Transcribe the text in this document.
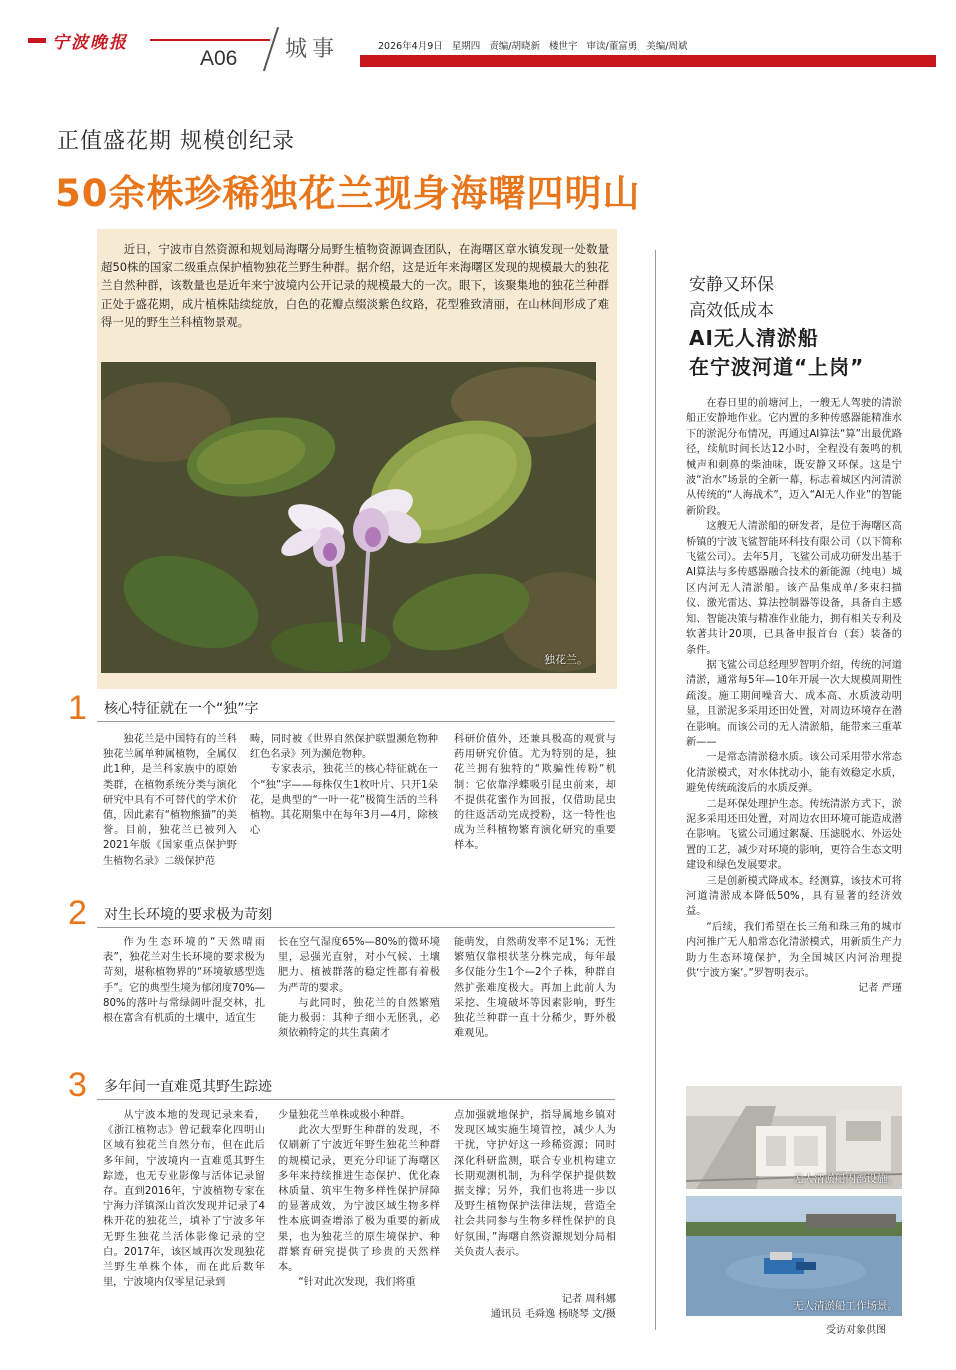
宁波晚报
A06 城事	2026年4月9日 星期四 责编/胡晓新 楼世宇 审读/董富勇 美编/周斌
正值盛花期 规模创纪录
50余株珍稀独花兰现身海曙四明山
近日，宁波市自然资源和规划局海曙分局野生植物资源调查团队，在海曙区章水镇发现一处数量超50株的国家二级重点保护植物独花兰野生种群。据介绍，这是近年来海曙区发现的规模最大的独花兰自然种群，该数量也是近年来宁波境内公开记录的规模最大的一次。眼下，该聚集地的独花兰种群正处于盛花期，成片植株陆续绽放，白色的花瓣点缀淡紫色纹路，花型雅致清丽，在山林间形成了难得一见的野生兰科植物景观。
独花兰。
1 核心特征就在一个“独”字

独花兰是中国特有的兰科独花兰属单种属植物，全属仅此1种，是兰科家族中的原始类群，在植物系统分类与演化研究中具有不可替代的学术价值，因此素有“植物熊猫”的美誉。目前，独花兰已被列入2021年版《国家重点保护野生植物名录》二级保护范

畴，同时被《世界自然保护联盟濒危物种红色名录》列为濒危物种。

专家表示，独花兰的核心特征就在一个“独”字——每株仅生1枚叶片、只开1朵花，是典型的“一叶一花”极简生活的兰科植物。其花期集中在每年3月—4月，除核心

科研价值外，还兼具极高的观赏与药用研究价值。尤为特别的是，独花兰拥有独特的“欺骗性传粉”机制：它依靠浮蝶吸引昆虫前来，却不提供花蜜作为回报，仅借助昆虫的往返活动完成授粉，这一特性也成为兰科植物繁育演化研究的重要样本。

2 对生长环境的要求极为苛刻

作为生态环境的“天然晴雨表”，独花兰对生长环境的要求极为苛刻，堪称植物界的“环境敏感型选手”。它的典型生境为郁闭度70%—80%的落叶与常绿阔叶混交林，扎根在富含有机质的土壤中，适宜生

长在空气湿度65%—80%的微环境里，忌强光直射，对小气候、土壤肥力、植被群落的稳定性都有着极为严苛的要求。

与此同时，独花兰的自然繁殖能力极弱：其种子细小无胚乳，必须依赖特定的共生真菌才

能萌发，自然萌发率不足1%；无性繁殖仅靠根状茎分株完成，每年最多仅能分生1个—2个子株，种群自然扩张难度极大。再加上此前人为采挖、生境破坏等因素影响，野生独花兰种群一直十分稀少，野外极难观见。

3 多年间一直难觅其野生踪迹

从宁波本地的发现记录来看，《浙江植物志》曾记载奉化四明山区域有独花兰自然分布，但在此后多年间，宁波境内一直难觅其野生踪迹，也无专业影像与活体记录留存。直到2016年，宁波植物专家在宁海力洋镇深山首次发现并记录了4株开花的独花兰，填补了宁波多年无野生独花兰活体影像记录的空白。2017年，该区域再次发现独花兰野生单株个体，而在此后数年里，宁波境内仅零星记录到

少量独花兰单株或极小种群。

此次大型野生种群的发现，不仅刷新了宁波近年野生独花兰种群的规模记录，更充分印证了海曙区多年来持续推进生态保护、优化森林质量、筑牢生物多样性保护屏障的显著成效，为宁波区域生物多样性本底调查增添了极为重要的新成果，也为独花兰的原生境保护、种群繁育研究提供了珍贵的天然样本。

“针对此次发现，我们将重

点加强就地保护，指导属地乡镇对发现区域实施生境管控，减少人为干扰，守护好这一珍稀资源；同时深化科研监测，联合专业机构建立长期观测机制，为科学保护提供数据支撑；另外，我们也将进一步以及野生植物保护法律法规，营造全社会共同参与生物多样性保护的良好氛围，”海曙自然资源规划分局相关负责人表示。

记者 周科娜
通讯员 毛舜逸 杨晓琴 文/摄
安静又环保
高效低成本
AI无人清淤船
在宁波河道“上岗”

在春日里的前塘河上，一艘无人驾驶的清淤船正安静地作业。它内置的多种传感器能精准水下的淤泥分布情况，再通过AI算法“算”出最优路径，续航时间长达12小时，全程没有轰鸣的机械声和刺鼻的柴油味，既安静又环保。这是宁波“治水”场景的全新一幕，标志着城区内河清淤从传统的“人海战术”，迈入“AI无人作业”的智能新阶段。

这艘无人清淤船的研发者，是位于海曙区高桥镇的宁波飞鲨智能环科技有限公司（以下简称飞鲨公司）。去年5月，飞鲨公司成功研发出基于AI算法与多传感器融合技术的新能源（纯电）城区内河无人清淤船。该产品集成单/多束扫描仪、激光雷达、算法控制器等设备，具备自主感知、智能决策与精准作业能力，拥有相关专利及软著共计20项，已具备申报首台（套）装备的条件。

据飞鲨公司总经理罗智明介绍，传统的河道清淤，通常每5年—10年开展一次大规模周期性疏浚。施工期间噪音大、成本高、水质波动明显，且淤泥多采用还田处置，对周边环境存在潜在影响。而该公司的无人清淤船，能带来三重革新——

一是常态清淤稳水质。该公司采用带水常态化清淤模式，对水体扰动小，能有效稳定水质，避免传统疏浚后的水质反弹。

二是环保处理护生态。传统清淤方式下，淤泥多采用还田处置，对周边农田环境可能造成潜在影响。飞鲨公司通过絮凝、压滤脱水、外运处置的工艺，减少对环境的影响，更符合生态文明建设和绿色发展要求。

三是创新模式降成本。经测算，该技术可将河道清淤成本降低50%，具有显著的经济效益。

“后续，我们希望在长三角和珠三角的城市内河推广无人船常态化清淤模式，用新质生产力助力生态环境保护，为全国城区内河治理提供‘宁波方案’。”罗智明表示。

记者 严瑾
无人清淤船内部设施。
无人清淤船工作场景。
受访对象供图
